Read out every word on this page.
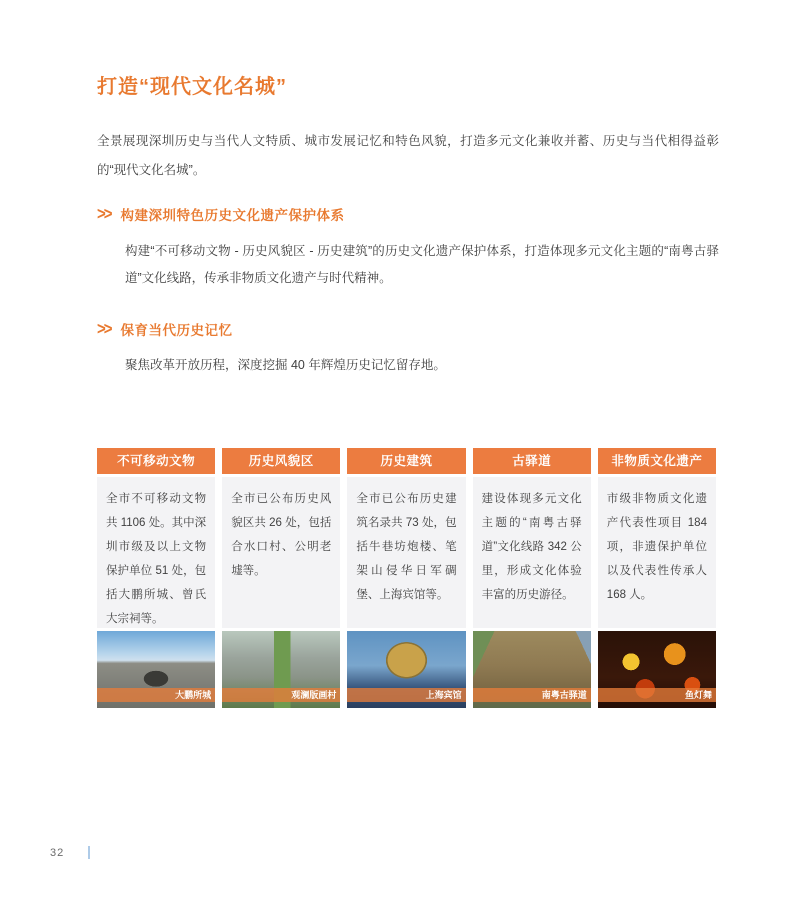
打造“现代文化名城”

全景展现深圳历史与当代人文特质、城市发展记忆和特色风貌，打造多元文化兼收并蓄、历史与当代相得益彰的“现代文化名城”。

>> 构建深圳特色历史文化遗产保护体系

构建“不可移动文物 - 历史风貌区 - 历史建筑”的历史文化遗产保护体系，打造体现多元文化主题的“南粤古驿道”文化线路，传承非物质文化遗产与时代精神。

>> 保育当代历史记忆

聚焦改革开放历程，深度挖掘 40 年辉煌历史记忆留存地。

不可移动文物
全市不可移动文物共 1106 处。其中深圳市级及以上文物保护单位 51 处，包括大鹏所城、曾氏大宗祠等。
大鹏所城
历史风貌区
全市已公布历史风貌区共 26 处，包括合水口村、公明老墟等。
观澜版画村
历史建筑
全市已公布历史建筑名录共 73 处，包括牛巷坊炮楼、笔架山侵华日军碉堡、上海宾馆等。
上海宾馆
古驿道
建设体现多元文化主题的“南粤古驿道”文化线路 342 公里，形成文化体验丰富的历史游径。
南粤古驿道
非物质文化遗产
市级非物质文化遗产代表性项目 184 项，非遗保护单位以及代表性传承人 168 人。
鱼灯舞
32
